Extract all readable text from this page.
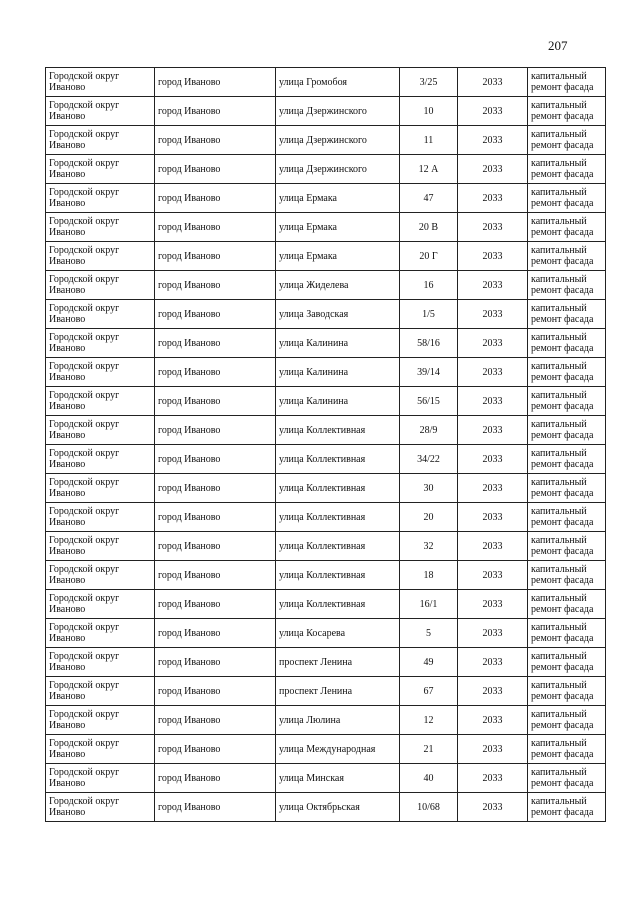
207
Городской округ Иваново	город Иваново	улица Громобоя	3/25	2033	капитальный ремонт фасада
Городской округ Иваново	город Иваново	улица Дзержинского	10	2033	капитальный ремонт фасада
Городской округ Иваново	город Иваново	улица Дзержинского	11	2033	капитальный ремонт фасада
Городской округ Иваново	город Иваново	улица Дзержинского	12 А	2033	капитальный ремонт фасада
Городской округ Иваново	город Иваново	улица Ермака	47	2033	капитальный ремонт фасада
Городской округ Иваново	город Иваново	улица Ермака	20 В	2033	капитальный ремонт фасада
Городской округ Иваново	город Иваново	улица Ермака	20 Г	2033	капитальный ремонт фасада
Городской округ Иваново	город Иваново	улица Жиделева	16	2033	капитальный ремонт фасада
Городской округ Иваново	город Иваново	улица Заводская	1/5	2033	капитальный ремонт фасада
Городской округ Иваново	город Иваново	улица Калинина	58/16	2033	капитальный ремонт фасада
Городской округ Иваново	город Иваново	улица Калинина	39/14	2033	капитальный ремонт фасада
Городской округ Иваново	город Иваново	улица Калинина	56/15	2033	капитальный ремонт фасада
Городской округ Иваново	город Иваново	улица Коллективная	28/9	2033	капитальный ремонт фасада
Городской округ Иваново	город Иваново	улица Коллективная	34/22	2033	капитальный ремонт фасада
Городской округ Иваново	город Иваново	улица Коллективная	30	2033	капитальный ремонт фасада
Городской округ Иваново	город Иваново	улица Коллективная	20	2033	капитальный ремонт фасада
Городской округ Иваново	город Иваново	улица Коллективная	32	2033	капитальный ремонт фасада
Городской округ Иваново	город Иваново	улица Коллективная	18	2033	капитальный ремонт фасада
Городской округ Иваново	город Иваново	улица Коллективная	16/1	2033	капитальный ремонт фасада
Городской округ Иваново	город Иваново	улица Косарева	5	2033	капитальный ремонт фасада
Городской округ Иваново	город Иваново	проспект Ленина	49	2033	капитальный ремонт фасада
Городской округ Иваново	город Иваново	проспект Ленина	67	2033	капитальный ремонт фасада
Городской округ Иваново	город Иваново	улица Люлина	12	2033	капитальный ремонт фасада
Городской округ Иваново	город Иваново	улица Международная	21	2033	капитальный ремонт фасада
Городской округ Иваново	город Иваново	улица Минская	40	2033	капитальный ремонт фасада
Городской округ Иваново	город Иваново	улица Октябрьская	10/68	2033	капитальный ремонт фасада
